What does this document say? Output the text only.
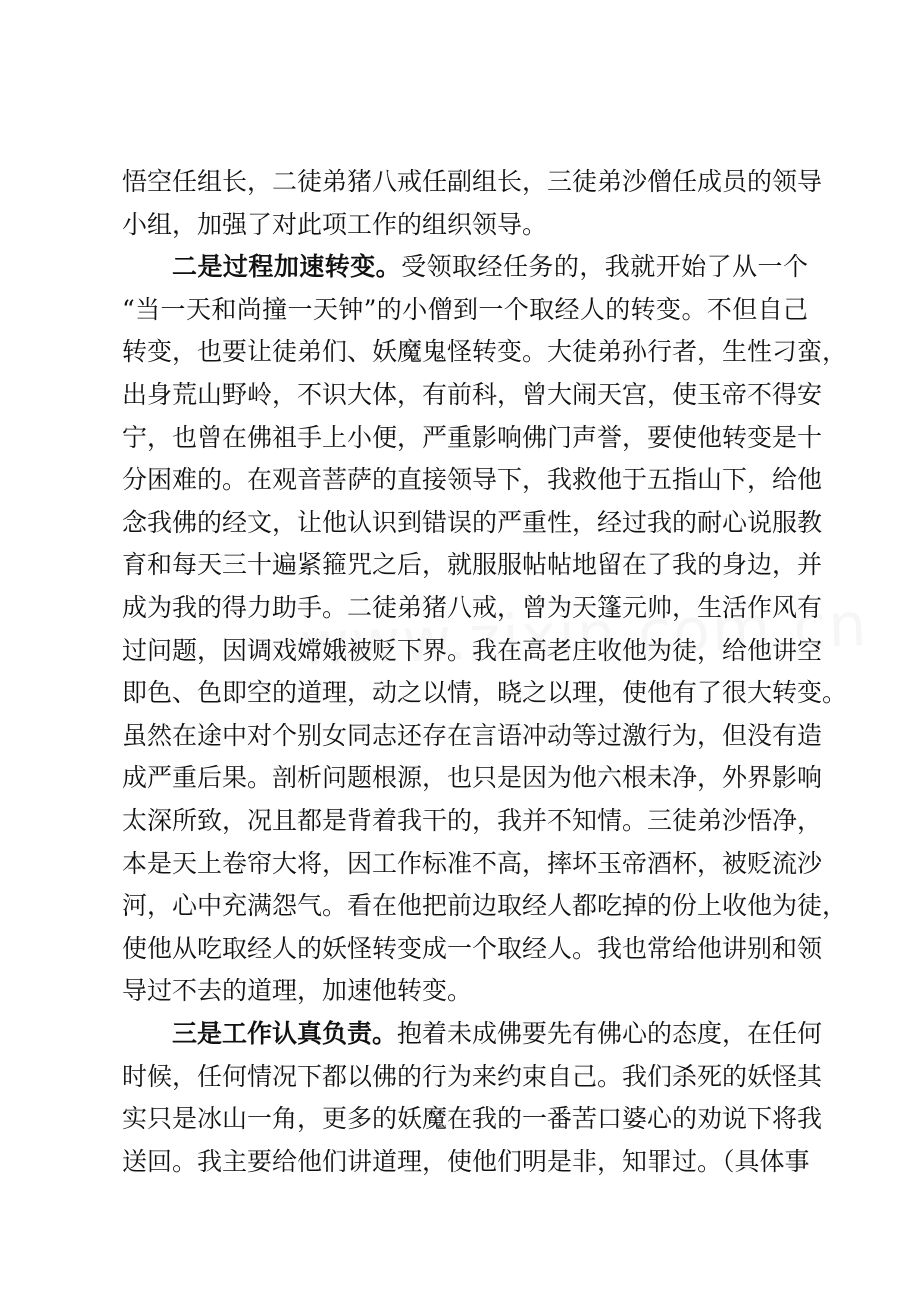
悟空任组长，二徒弟猪八戒任副组长，三徒弟沙僧任成员的领导
小组，加强了对此项工作的组织领导。
二是过程加速转变。受领取经任务的，我就开始了从一个
“当一天和尚撞一天钟”的小僧到一个取经人的转变。不但自己
转变，也要让徒弟们、妖魔鬼怪转变。大徒弟孙行者，生性刁蛮，
出身荒山野岭，不识大体，有前科，曾大闹天宫，使玉帝不得安
宁，也曾在佛祖手上小便，严重影响佛门声誉，要使他转变是十
分困难的。在观音菩萨的直接领导下，我救他于五指山下，给他
念我佛的经文，让他认识到错误的严重性，经过我的耐心说服教
育和每天三十遍紧箍咒之后，就服服帖帖地留在了我的身边，并
成为我的得力助手。二徒弟猪八戒，曾为天篷元帅，生活作风有
过问题，因调戏嫦娥被贬下界。我在高老庄收他为徒，给他讲空
即色、色即空的道理，动之以情，晓之以理，使他有了很大转变。
虽然在途中对个别女同志还存在言语冲动等过激行为，但没有造
成严重后果。剖析问题根源，也只是因为他六根未净，外界影响
太深所致，况且都是背着我干的，我并不知情。三徒弟沙悟净，
本是天上卷帘大将，因工作标准不高，摔坏玉帝酒杯，被贬流沙
河，心中充满怨气。看在他把前边取经人都吃掉的份上收他为徒，
使他从吃取经人的妖怪转变成一个取经人。我也常给他讲别和领
导过不去的道理，加速他转变。
三是工作认真负责。抱着未成佛要先有佛心的态度，在任何
时候，任何情况下都以佛的行为来约束自己。我们杀死的妖怪其
实只是冰山一角，更多的妖魔在我的一番苦口婆心的劝说下将我
送回。我主要给他们讲道理，使他们明是非，知罪过。（具体事
